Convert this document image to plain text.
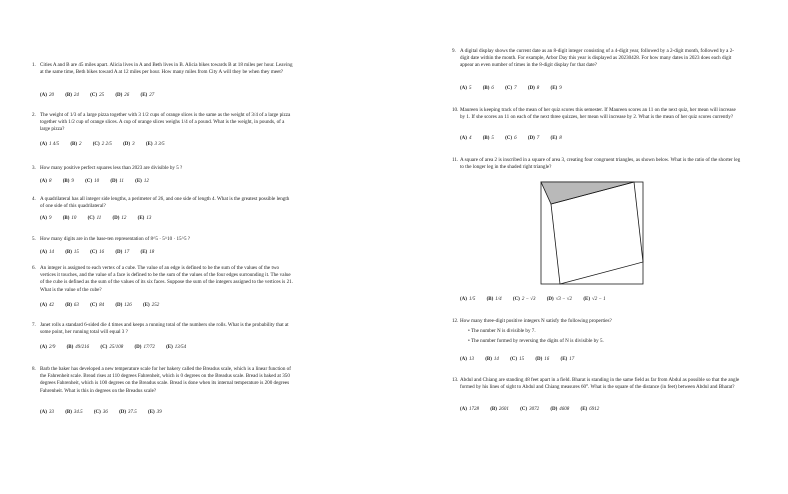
1. Cities A and B are 45 miles apart. Alicia lives in A and Beth lives in B. Alicia bikes towards B at 18 miles per hour. Leaving at the same time, Beth bikes toward A at 12 miles per hour. How many miles from City A will they be when they meet?
(A) 20 (B) 24 (C) 25 (D) 26 (E) 27
2. The weight of 1/3 of a large pizza together with 3 1/2 cups of orange slices is the same as the weight of 3/4 of a large pizza together with 1/2 cup of orange slices. A cup of orange slices weighs 1/4 of a pound. What is the weight, in pounds, of a large pizza?
(A) 1 4/5 (B) 2 (C) 2 2/5 (D) 3 (E) 3 3/5
3. How many positive perfect squares less than 2023 are divisible by 5 ?
(A) 8 (B) 9 (C) 10 (D) 11 (E) 12
4. A quadrilateral has all integer side lengths, a perimeter of 26, and one side of length 4. What is the greatest possible length of one side of this quadrilateral?
(A) 9 (B) 10 (C) 11 (D) 12 (E) 13
5. How many digits are in the base-ten representation of 8^5 · 5^10 · 15^5 ?
(A) 14 (B) 15 (C) 16 (D) 17 (E) 18
6. An integer is assigned to each vertex of a cube. The value of an edge is defined to be the sum of the values of the two vertices it touches, and the value of a face is defined to be the sum of the values of the four edges surrounding it. The value of the cube is defined as the sum of the values of its six faces. Suppose the sum of the integers assigned to the vertices is 21. What is the value of the cube?
(A) 42 (B) 63 (C) 84 (D) 126 (E) 252
7. Janet rolls a standard 6-sided die 4 times and keeps a running total of the numbers she rolls. What is the probability that at some point, her running total will equal 3 ?
(A) 2/9 (B) 49/216 (C) 25/108 (D) 17/72 (E) 13/54
8. Barb the baker has developed a new temperature scale for her bakery called the Breadus scale, which is a linear function of the Fahrenheit scale. Bread rises at 110 degrees Fahrenheit, which is 0 degrees on the Breadus scale. Bread is baked at 350 degrees Fahrenheit, which is 100 degrees on the Breadus scale. Bread is done when its internal temperature is 200 degrees Fahrenheit. What is this in degrees on the Breadus scale?
(A) 33 (B) 34.5 (C) 36 (D) 37.5 (E) 39
9. A digital display shows the current date as an 8-digit integer consisting of a 4-digit year, followed by a 2-digit month, followed by a 2-digit date within the month. For example, Arbor Day this year is displayed as 20230428. For how many dates in 2023 does each digit appear an even number of times in the 8-digit display for that date?
(A) 5 (B) 6 (C) 7 (D) 8 (E) 9
10. Maureen is keeping track of the mean of her quiz scores this semester. If Maureen scores an 11 on the next quiz, her mean will increase by 1. If she scores an 11 on each of the next three quizzes, her mean will increase by 2. What is the mean of her quiz scores currently?
(A) 4 (B) 5 (C) 6 (D) 7 (E) 8
11. A square of area 2 is inscribed in a square of area 3, creating four congruent triangles, as shown below. What is the ratio of the shorter leg to the longer leg in the shaded right triangle?
(A) 1/5 (B) 1/4 (C) 2 − √3 (D) √3 − √2 (E) √2 − 1
12. How many three-digit positive integers N satisfy the following properties?
• The number N is divisible by 7.
• The number formed by reversing the digits of N is divisible by 5.
(A) 13 (B) 14 (C) 15 (D) 16 (E) 17
13. Abdul and Chiang are standing 48 feet apart in a field. Bharat is standing in the same field as far from Abdul as possible so that the angle formed by his lines of sight to Abdul and Chiang measures 60°. What is the square of the distance (in feet) between Abdul and Bharat?
(A) 1728 (B) 2601 (C) 3072 (D) 4608 (E) 6912
